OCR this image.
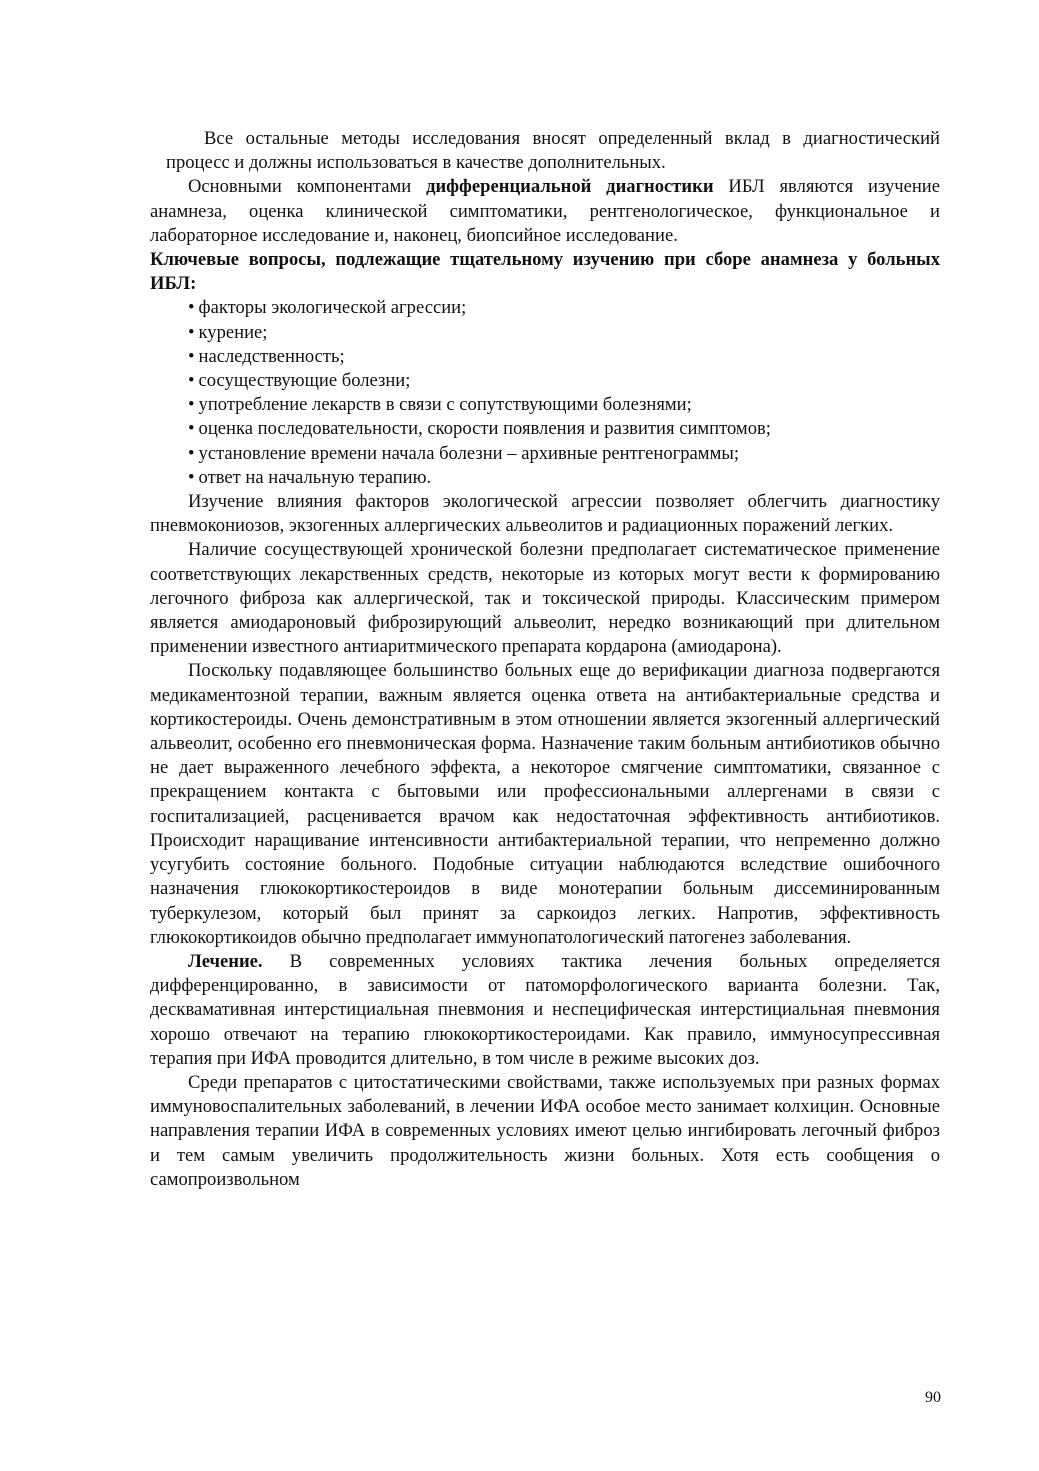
Все остальные методы исследования вносят определенный вклад в диагностический процесс и должны использоваться в качестве дополнительных.

Основными компонентами дифференциальной диагностики ИБЛ являются изучение анамнеза, оценка клинической симптоматики, рентгенологическое, функциональное и лабораторное исследование и, наконец, биопсийное исследование.

Ключевые вопросы, подлежащие тщательному изучению при сборе анамнеза у больных ИБЛ:

• факторы экологической агрессии;
• курение;
• наследственность;
• сосуществующие болезни;
• употребление лекарств в связи с сопутствующими болезнями;
• оценка последовательности, скорости появления и развития симптомов;
• установление времени начала болезни – архивные рентгенограммы;
• ответ на начальную терапию.

Изучение влияния факторов экологической агрессии позволяет облегчить диагностику пневмокониозов, экзогенных аллергических альвеолитов и радиационных поражений легких.

Наличие сосуществующей хронической болезни предполагает систематическое применение соответствующих лекарственных средств, некоторые из которых могут вести к формированию легочного фиброза как аллергической, так и токсической природы. Классическим примером является амиодароновый фиброзирующий альвеолит, нередко возникающий при длительном применении известного антиаритмического препарата кордарона (амиодарона).

Поскольку подавляющее большинство больных еще до верификации диагноза подвергаются медикаментозной терапии, важным является оценка ответа на антибактериальные средства и кортикостероиды. Очень демонстративным в этом отношении является экзогенный аллергический альвеолит, особенно его пневмоническая форма. Назначение таким больным антибиотиков обычно не дает выраженного лечебного эффекта, а некоторое смягчение симптоматики, связанное с прекращением контакта с бытовыми или профессиональными аллергенами в связи с госпитализацией, расценивается врачом как недостаточная эффективность антибиотиков. Происходит наращивание интенсивности антибактериальной терапии, что непременно должно усугубить состояние больного. Подобные ситуации наблюдаются вследствие ошибочного назначения глюкокортикостероидов в виде монотерапии больным диссеминированным туберкулезом, который был принят за саркоидоз легких. Напротив, эффективность глюкокортикоидов обычно предполагает иммунопатологический патогенез заболевания.

Лечение. В современных условиях тактика лечения больных определяется дифференцированно, в зависимости от патоморфологического варианта болезни. Так, десквамативная интерстициальная пневмония и неспецифическая интерстициальная пневмония хорошо отвечают на терапию глюкокортикостероидами. Как правило, иммуносупрессивная терапия при ИФА проводится длительно, в том числе в режиме высоких доз.

Среди препаратов с цитостатическими свойствами, также используемых при разных формах иммуновоспалительных заболеваний, в лечении ИФА особое место занимает колхицин. Основные направления терапии ИФА в современных условиях имеют целью ингибировать легочный фиброз и тем самым увеличить продолжительность жизни больных. Хотя есть сообщения о самопроизвольном

90
